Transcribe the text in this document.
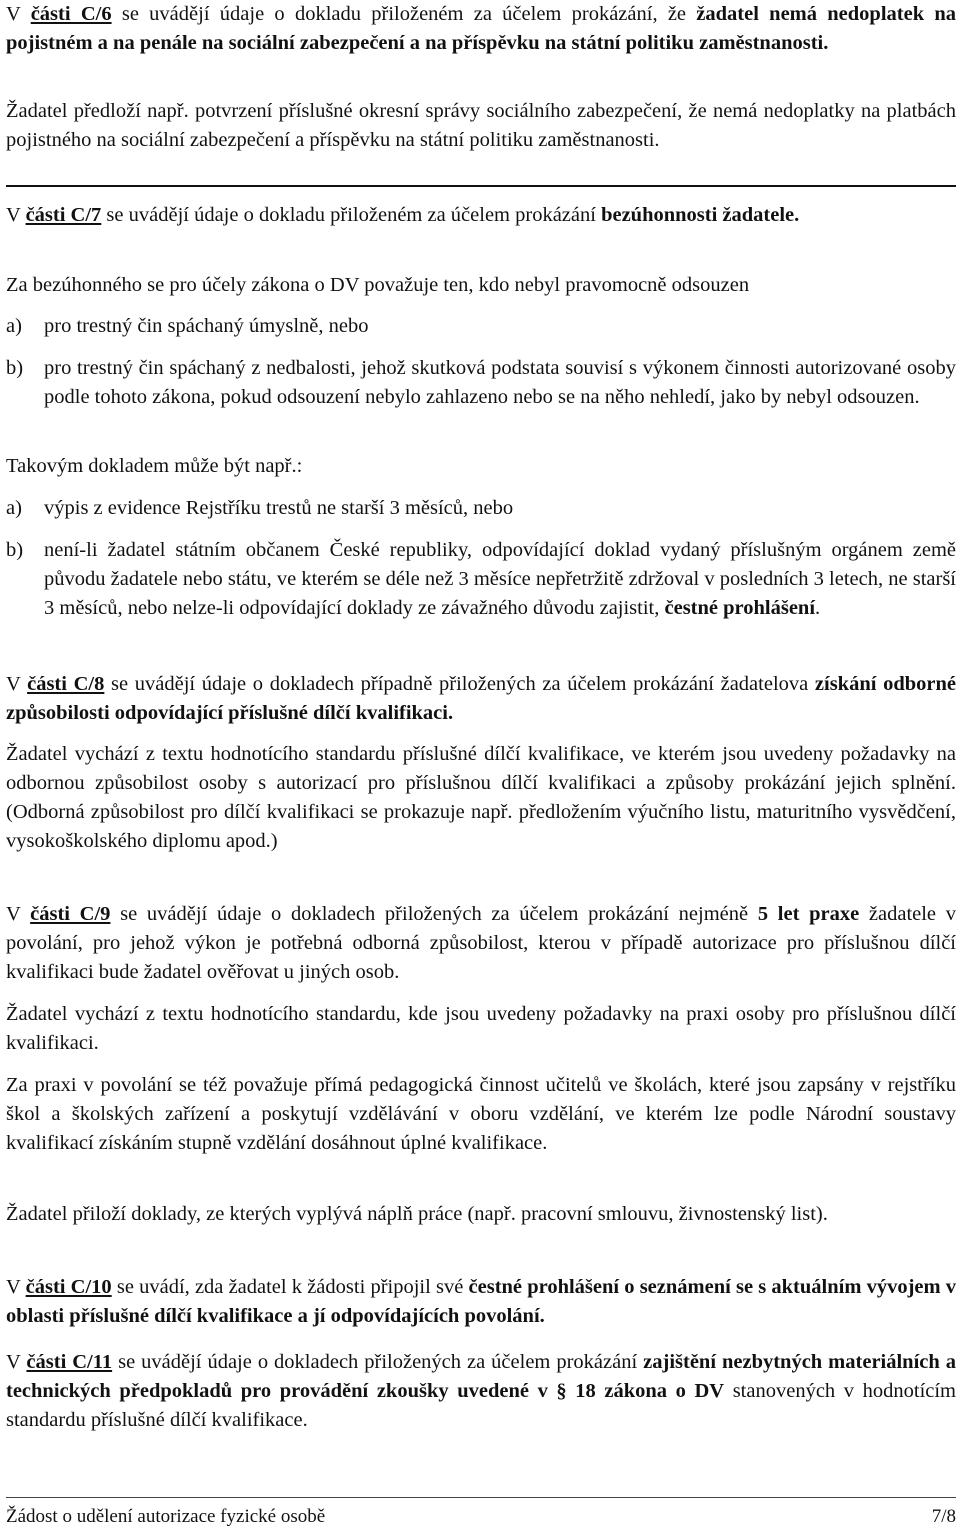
V části C/6 se uvádějí údaje o dokladu přiloženém za účelem prokázání, že žadatel nemá nedoplatek na pojistném a na penále na sociální zabezpečení a na příspěvku na státní politiku zaměstnanosti.

Žadatel předloží např. potvrzení příslušné okresní správy sociálního zabezpečení, že nemá nedoplatky na platbách pojistného na sociální zabezpečení a příspěvku na státní politiku zaměstnanosti.

V části C/7 se uvádějí údaje o dokladu přiloženém za účelem prokázání bezúhonnosti žadatele.

Za bezúhonného se pro účely zákona o DV považuje ten, kdo nebyl pravomocně odsouzen

a) pro trestný čin spáchaný úmyslně, nebo

b) pro trestný čin spáchaný z nedbalosti, jehož skutková podstata souvisí s výkonem činnosti autorizované osoby podle tohoto zákona, pokud odsouzení nebylo zahlazeno nebo se na něho nehledí, jako by nebyl odsouzen.

Takovým dokladem může být např.:

a) výpis z evidence Rejstříku trestů ne starší 3 měsíců, nebo

b) není-li žadatel státním občanem České republiky, odpovídající doklad vydaný příslušným orgánem země původu žadatele nebo státu, ve kterém se déle než 3 měsíce nepřetržitě zdržoval v posledních 3 letech, ne starší 3 měsíců, nebo nelze-li odpovídající doklady ze závažného důvodu zajistit, čestné prohlášení.

V části C/8 se uvádějí údaje o dokladech případně přiložených za účelem prokázání žadatelova získání odborné způsobilosti odpovídající příslušné dílčí kvalifikaci.

Žadatel vychází z textu hodnotícího standardu příslušné dílčí kvalifikace, ve kterém jsou uvedeny požadavky na odbornou způsobilost osoby s autorizací pro příslušnou dílčí kvalifikaci a způsoby prokázání jejich splnění. (Odborná způsobilost pro dílčí kvalifikaci se prokazuje např. předložením výučního listu, maturitního vysvědčení, vysokoškolského diplomu apod.)

V části C/9 se uvádějí údaje o dokladech přiložených za účelem prokázání nejméně 5 let praxe žadatele v povolání, pro jehož výkon je potřebná odborná způsobilost, kterou v případě autorizace pro příslušnou dílčí kvalifikaci bude žadatel ověřovat u jiných osob.

Žadatel vychází z textu hodnotícího standardu, kde jsou uvedeny požadavky na praxi osoby pro příslušnou dílčí kvalifikaci.

Za praxi v povolání se též považuje přímá pedagogická činnost učitelů ve školách, které jsou zapsány v rejstříku škol a školských zařízení a poskytují vzdělávání v oboru vzdělání, ve kterém lze podle Národní soustavy kvalifikací získáním stupně vzdělání dosáhnout úplné kvalifikace.

Žadatel přiloží doklady, ze kterých vyplývá náplň práce (např. pracovní smlouvu, živnostenský list).

V části C/10 se uvádí, zda žadatel k žádosti připojil své čestné prohlášení o seznámení se s aktuálním vývojem v oblasti příslušné dílčí kvalifikace a jí odpovídajících povolání.

V části C/11 se uvádějí údaje o dokladech přiložených za účelem prokázání zajištění nezbytných materiálních a technických předpokladů pro provádění zkoušky uvedené v § 18 zákona o DV stanovených v hodnotícím standardu příslušné dílčí kvalifikace.

Žádost o udělení autorizace fyzické osobě	7/8
